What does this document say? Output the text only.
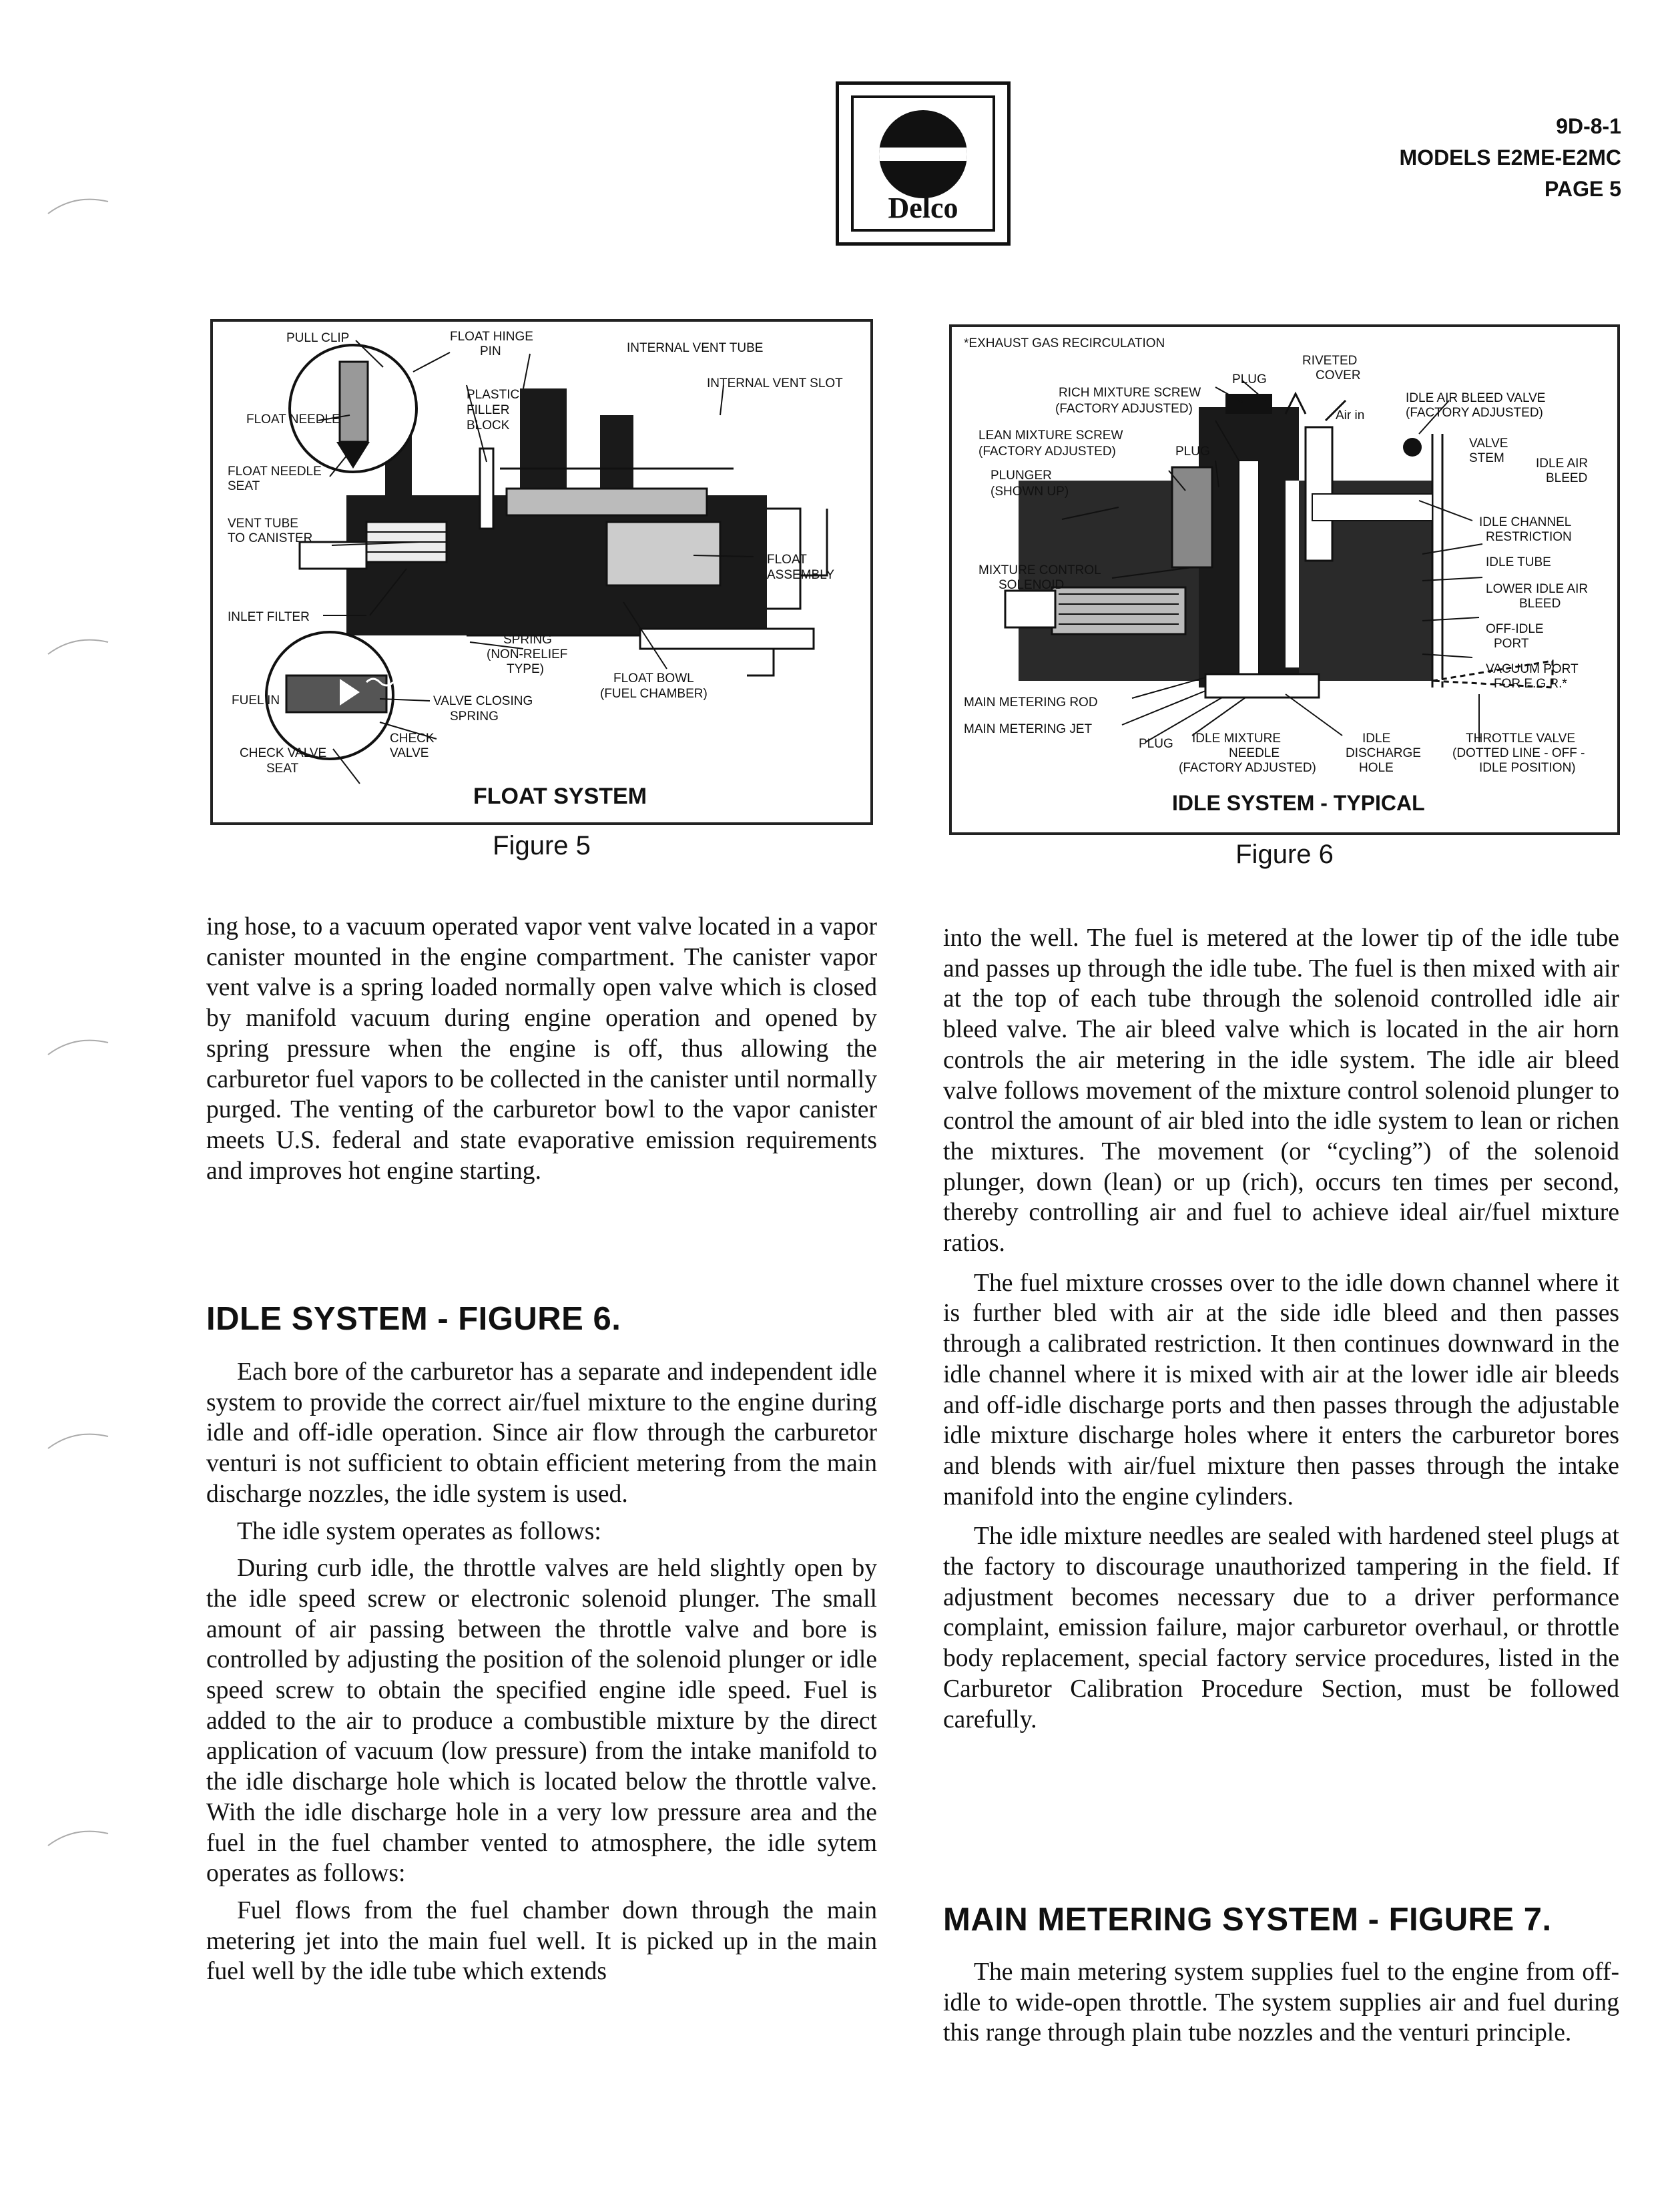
Delco
9D-8-1
MODELS E2ME-E2MC
PAGE 5
PULL CLIP	FLOAT HINGE
PIN	INTERNAL VENT TUBE
INTERNAL VENT SLOT
PLASTIC
FILLER
BLOCK
FLOAT NEEDLE
FLOAT NEEDLE
SEAT
VENT TUBE
TO CANISTER
FLOAT
ASSEMBLY
INLET FILTER
SPRING
(NON-RELIEF
TYPE)
FLOAT BOWL
(FUEL CHAMBER)
FUEL IN	VALVE CLOSING
SPRING
CHECK
VALVE
CHECK VALVE
SEAT
FLOAT SYSTEM
Figure 5
*EXHAUST GAS RECIRCULATION
RIVETED
COVER
PLUG
RICH MIXTURE SCREW
(FACTORY ADJUSTED)	Air in
IDLE AIR BLEED VALVE
(FACTORY ADJUSTED)
LEAN MIXTURE SCREW
(FACTORY ADJUSTED)	PLUG
VALVE
STEM IDLE AIR
BLEED
PLUNGER
(SHOWN UP)
IDLE CHANNEL
RESTRICTION
MIXTURE CONTROL
SOLENOID
IDLE TUBE
LOWER IDLE AIR
BLEED
OFF-IDLE
PORT
VACUUM PORT
FOR E.G.R.*
MAIN METERING ROD
MAIN METERING JET
PLUG IDLE MIXTURE
NEEDLE
(FACTORY ADJUSTED)
IDLE
DISCHARGE
HOLE
THROTTLE VALVE
(DOTTED LINE - OFF -
IDLE POSITION)
IDLE SYSTEM - TYPICAL
Figure 6

ing hose, to a vacuum operated vapor vent valve located in a vapor canister mounted in the engine compartment. The canister vapor vent valve is a spring loaded normally open valve which is closed by manifold vacuum during engine operation and opened by spring pressure when the engine is off, thus allowing the carburetor fuel vapors to be collected in the canister until normally purged. The venting of the carburetor bowl to the vapor canister meets U.S. federal and state evaporative emission requirements and improves hot engine starting.

IDLE SYSTEM - FIGURE 6.

Each bore of the carburetor has a separate and independent idle system to provide the correct air/fuel mixture to the engine during idle and off-idle operation. Since air flow through the carburetor venturi is not sufficient to obtain efficient metering from the main discharge nozzles, the idle system is used.

The idle system operates as follows:

During curb idle, the throttle valves are held slightly open by the idle speed screw or electronic solenoid plunger. The small amount of air passing between the throttle valve and bore is controlled by adjusting the position of the solenoid plunger or idle speed screw to obtain the specified engine idle speed. Fuel is added to the air to produce a combustible mixture by the direct application of vacuum (low pressure) from the intake manifold to the idle discharge hole which is located below the throttle valve. With the idle discharge hole in a very low pressure area and the fuel in the fuel chamber vented to atmosphere, the idle sytem operates as follows:

Fuel flows from the fuel chamber down through the main metering jet into the main fuel well. It is picked up in the main fuel well by the idle tube which extends

into the well. The fuel is metered at the lower tip of the idle tube and passes up through the idle tube. The fuel is then mixed with air at the top of each tube through the solenoid controlled idle air bleed valve. The air bleed valve which is located in the air horn controls the air metering in the idle system. The idle air bleed valve follows movement of the mixture control solenoid plunger to control the amount of air bled into the idle system to lean or richen the mixtures. The movement (or “cycling”) of the solenoid plunger, down (lean) or up (rich), occurs ten times per second, thereby controlling air and fuel to achieve ideal air/fuel mixture ratios.

The fuel mixture crosses over to the idle down channel where it is further bled with air at the side idle bleed and then passes through a calibrated restriction. It then continues downward in the idle channel where it is mixed with air at the lower idle air bleeds and off-idle discharge ports and then passes through the adjustable idle mixture discharge holes where it enters the carburetor bores and blends with air/fuel mixture then passes through the intake manifold into the engine cylinders.

The idle mixture needles are sealed with hardened steel plugs at the factory to discourage unauthorized tampering in the field. If adjustment becomes necessary due to a driver performance complaint, emission failure, major carburetor overhaul, or throttle body replacement, special factory service procedures, listed in the Carburetor Calibration Procedure Section, must be followed carefully.

MAIN METERING SYSTEM - FIGURE 7.

The main metering system supplies fuel to the engine from off-idle to wide-open throttle. The system supplies air and fuel during this range through plain tube nozzles and the venturi principle.
